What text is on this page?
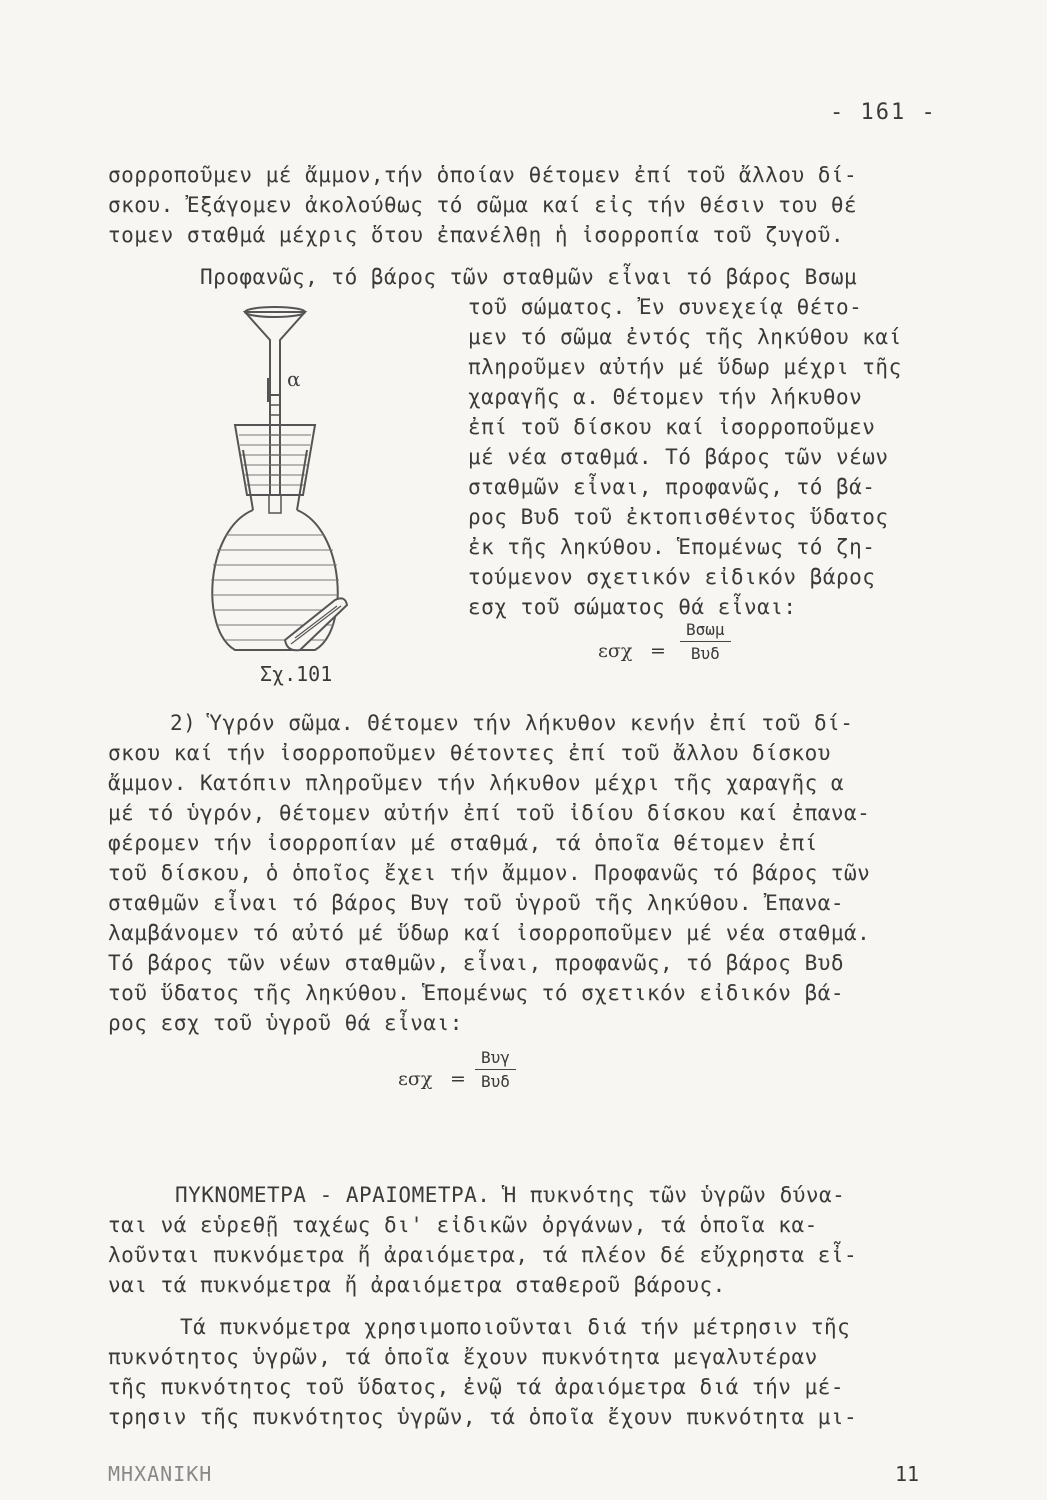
- 161 -
σορροποῦμεν μέ ἄμμον,τήν ὁποίαν θέτομεν ἐπί τοῦ ἄλλου δί-
σκου. Ἐξάγομεν ἀκολούθως τό σῶμα καί εἰς τήν θέσιν του θέ
τομεν σταθμά μέχρις ὅτου ἐπανέλθῃ ἡ ἰσορροπία τοῦ ζυγοῦ.
Προφανῶς, τό βάρος τῶν σταθμῶν εἶναι τό βάρος Βσωμ
τοῦ σώματος. Ἐν συνεχείᾳ θέτο-
μεν τό σῶμα ἐντός τῆς ληκύθου καί
πληροῦμεν αὐτήν μέ ὕδωρ μέχρι τῆς
χαραγῆς α. Θέτομεν τήν λήκυθον
ἐπί τοῦ δίσκου καί ἰσορροποῦμεν
μέ νέα σταθμά. Τό βάρος τῶν νέων
σταθμῶν εἶναι, προφανῶς, τό βά-
ρος Βυδ τοῦ ἐκτοπισθέντος ὕδατος
ἐκ τῆς ληκύθου. Ἑπομένως τό ζη-
τούμενον σχετικόν εἰδικόν βάρος
εσχ τοῦ σώματος θά εἶναι:
α
Σχ.101
εσχ =
Βσωμ
Βυδ
2) Ὑγρόν σῶμα. Θέτομεν τήν λήκυθον κενήν ἐπί τοῦ δί-
σκου καί τήν ἰσορροποῦμεν θέτοντες ἐπί τοῦ ἄλλου δίσκου
ἄμμον. Κατόπιν πληροῦμεν τήν λήκυθον μέχρι τῆς χαραγῆς α
μέ τό ὑγρόν, θέτομεν αὐτήν ἐπί τοῦ ἰδίου δίσκου καί ἐπανα-
φέρομεν τήν ἰσορροπίαν μέ σταθμά, τά ὁποῖα θέτομεν ἐπί
τοῦ δίσκου, ὁ ὁποῖος ἔχει τήν ἄμμον. Προφανῶς τό βάρος τῶν
σταθμῶν εἶναι τό βάρος Βυγ τοῦ ὑγροῦ τῆς ληκύθου. Ἐπανα-
λαμβάνομεν τό αὐτό μέ ὕδωρ καί ἰσορροποῦμεν μέ νέα σταθμά.
Τό βάρος τῶν νέων σταθμῶν, εἶναι, προφανῶς, τό βάρος Βυδ
τοῦ ὕδατος τῆς ληκύθου. Ἑπομένως τό σχετικόν εἰδικόν βά-
ρος εσχ τοῦ ὑγροῦ θά εἶναι:
εσχ =
Βυγ
Βυδ
ΠΥΚΝΟΜΕΤΡΑ - ΑΡΑΙΟΜΕΤΡΑ. Ἡ πυκνότης τῶν ὑγρῶν δύνα-
ται νά εὑρεθῇ ταχέως δι' εἰδικῶν ὀργάνων, τά ὁποῖα κα-
λοῦνται πυκνόμετρα ἤ ἀραιόμετρα, τά πλέον δέ εὔχρηστα εἶ-
ναι τά πυκνόμετρα ἤ ἀραιόμετρα σταθεροῦ βάρους.
Τά πυκνόμετρα χρησιμοποιοῦνται διά τήν μέτρησιν τῆς
πυκνότητος ὑγρῶν, τά ὁποῖα ἔχουν πυκνότητα μεγαλυτέραν
τῆς πυκνότητος τοῦ ὕδατος, ἐνῷ τά ἀραιόμετρα διά τήν μέ-
τρησιν τῆς πυκνότητος ὑγρῶν, τά ὁποῖα ἔχουν πυκνότητα μι-
ΜΗΧΑΝΙΚΗ	11
